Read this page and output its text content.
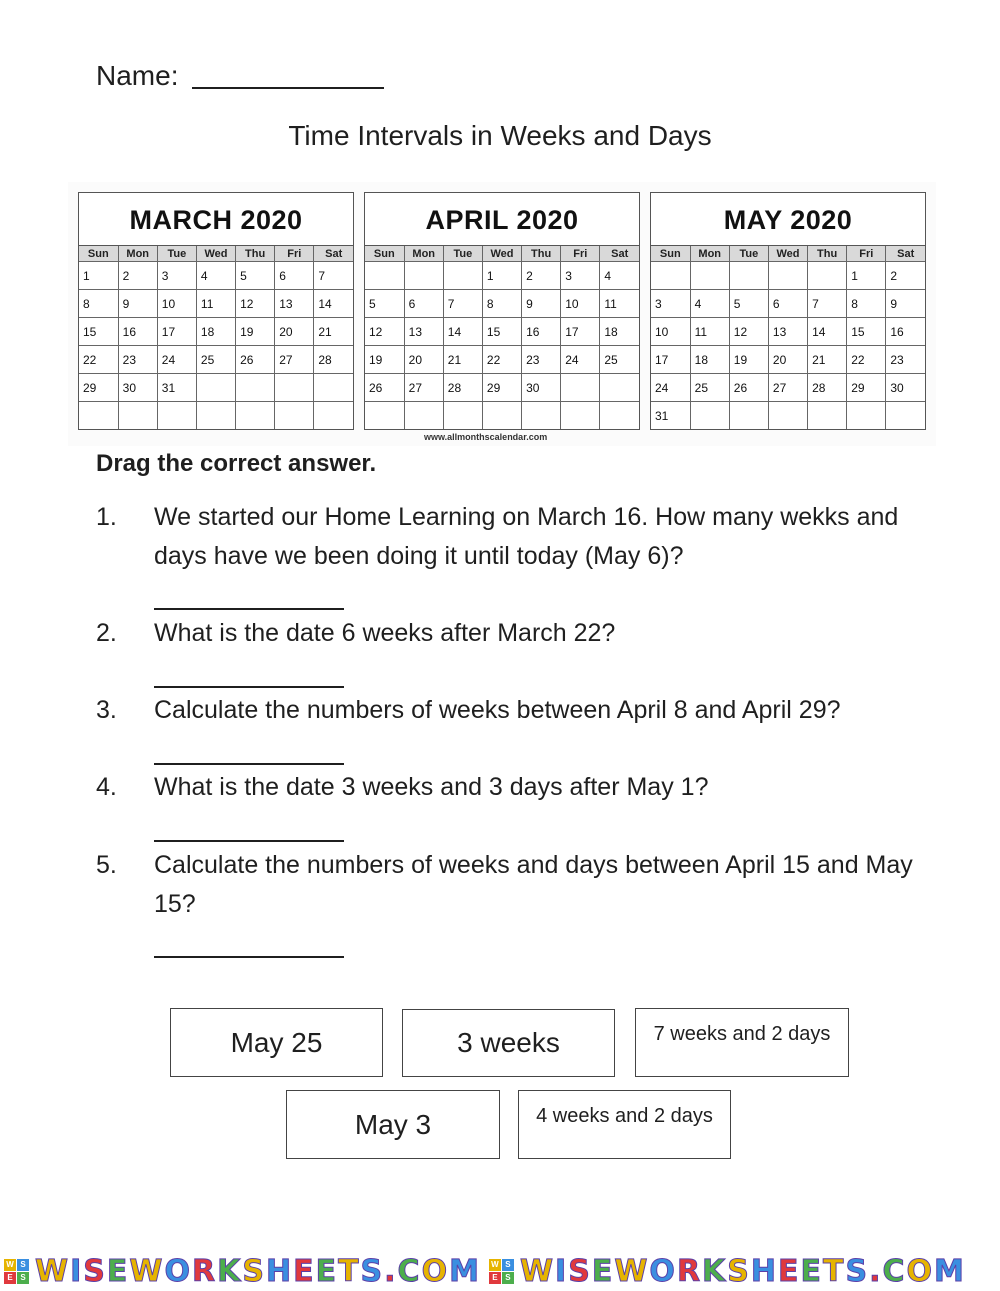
Name:
Time Intervals in Weeks and Days
MARCH 2020
Sun	Mon	Tue	Wed	Thu	Fri	Sat
1	2	3	4	5	6	7
8	9	10	11	12	13	14
15	16	17	18	19	20	21
22	23	24	25	26	27	28
29	30	31				

APRIL 2020
Sun	Mon	Tue	Wed	Thu	Fri	Sat
			1	2	3	4
5	6	7	8	9	10	11
12	13	14	15	16	17	18
19	20	21	22	23	24	25
26	27	28	29	30		

MAY 2020
Sun	Mon	Tue	Wed	Thu	Fri	Sat
					1	2
3	4	5	6	7	8	9
10	11	12	13	14	15	16
17	18	19	20	21	22	23
24	25	26	27	28	29	30
31						
www.allmonthscalendar.com
Drag the correct answer.
1.	We started our Home Learning on March 16. How many wekks and days have we been doing it until today (May 6)?
2.	What is the date 6 weeks after March 22?
3.	Calculate the numbers of weeks between April 8 and April 29?
4.	What is the date 3 weeks and 3 days after May 1?
5.	Calculate the numbers of weeks and days between April 15 and May 15?
May 25	3 weeks	7 weeks and 2 days
May 3	4 weeks and 2 days
W S
E S WISEWORKSHEETS.COM W S
E S WISEWORKSHEETS.COM
